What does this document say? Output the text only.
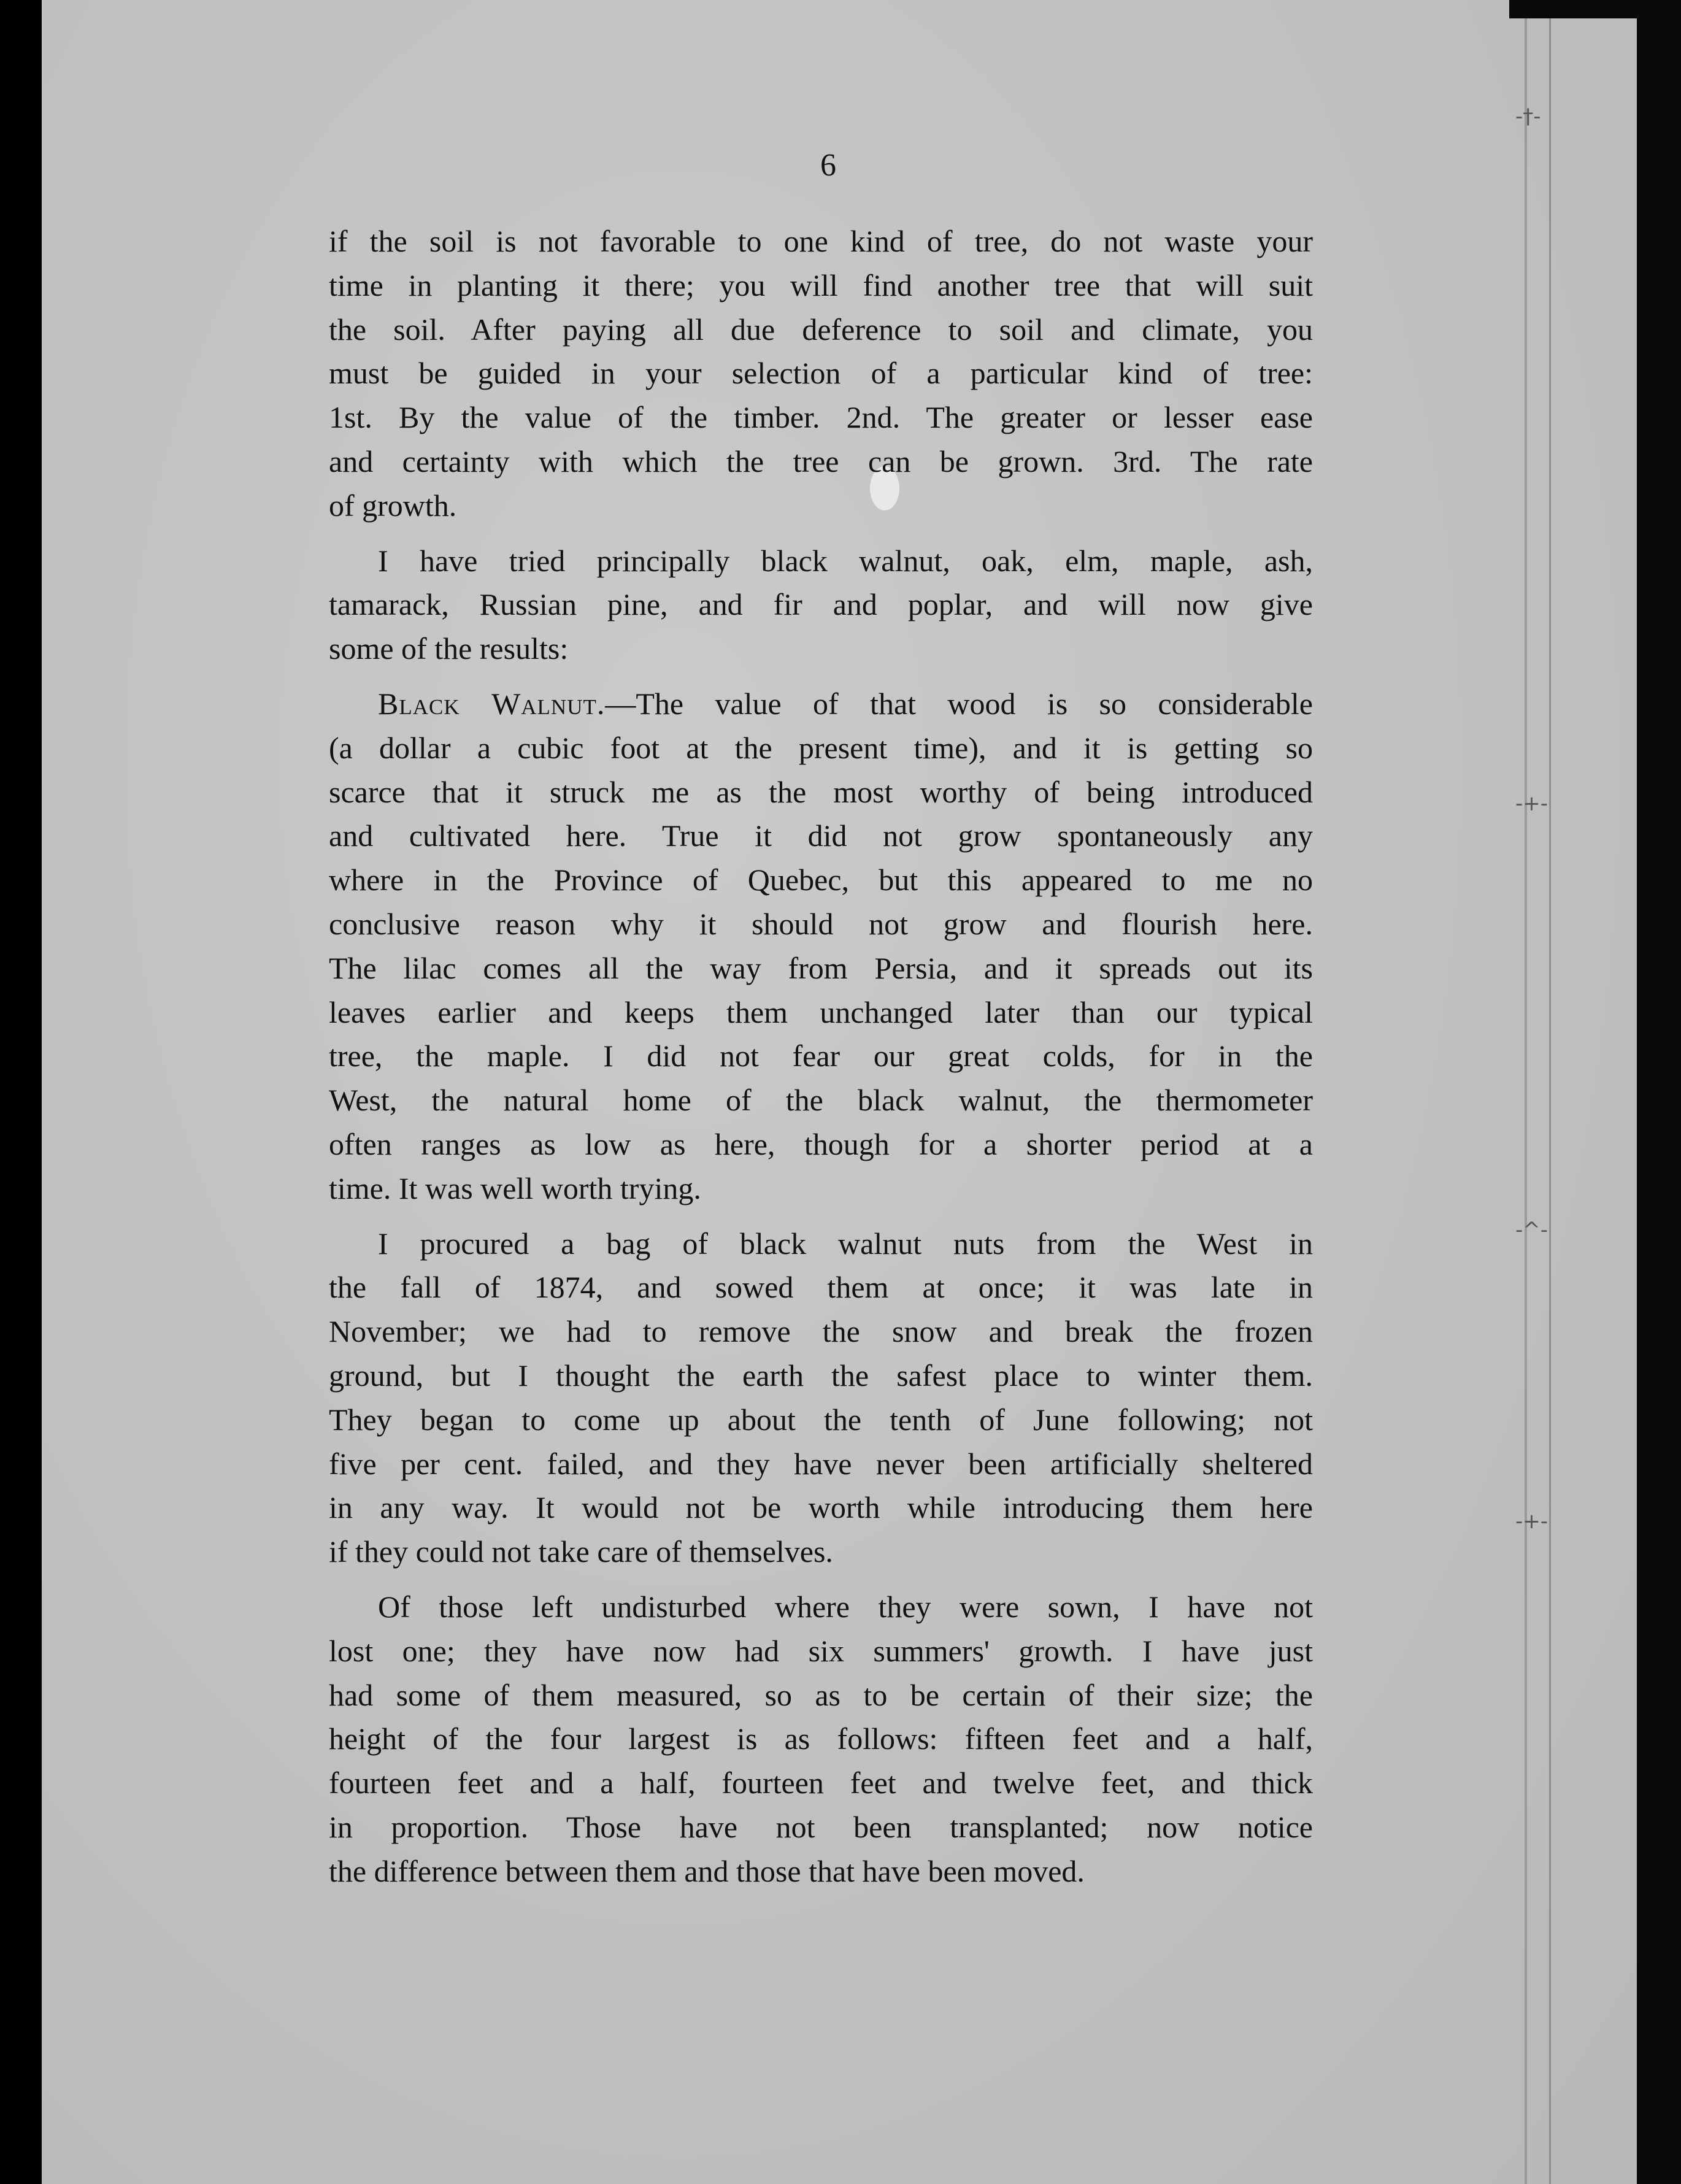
-†-
-+-
-^-
-+-
6
if the soil is not favorable to one kind of tree, do not waste your
time in planting it there; you will find another tree that will suit
the soil. After paying all due deference to soil and climate, you
must be guided in your selection of a particular kind of tree:
1st. By the value of the timber. 2nd. The greater or lesser ease
and certainty with which the tree can be grown. 3rd. The rate
of growth.
I have tried principally black walnut, oak, elm, maple, ash,
tamarack, Russian pine, and fir and poplar, and will now give
some of the results:
Black Walnut.—The value of that wood is so considerable
(a dollar a cubic foot at the present time), and it is getting so
scarce that it struck me as the most worthy of being introduced
and cultivated here. True it did not grow spontaneously any
where in the Province of Quebec, but this appeared to me no
conclusive reason why it should not grow and flourish here.
The lilac comes all the way from Persia, and it spreads out its
leaves earlier and keeps them unchanged later than our typical
tree, the maple. I did not fear our great colds, for in the
West, the natural home of the black walnut, the thermometer
often ranges as low as here, though for a shorter period at a
time. It was well worth trying.
I procured a bag of black walnut nuts from the West in
the fall of 1874, and sowed them at once; it was late in
November; we had to remove the snow and break the frozen
ground, but I thought the earth the safest place to winter them.
They began to come up about the tenth of June following; not
five per cent. failed, and they have never been artificially sheltered
in any way. It would not be worth while introducing them here
if they could not take care of themselves.
Of those left undisturbed where they were sown, I have not
lost one; they have now had six summers' growth. I have just
had some of them measured, so as to be certain of their size; the
height of the four largest is as follows: fifteen feet and a half,
fourteen feet and a half, fourteen feet and twelve feet, and thick
in proportion. Those have not been transplanted; now notice
the difference between them and those that have been moved.
